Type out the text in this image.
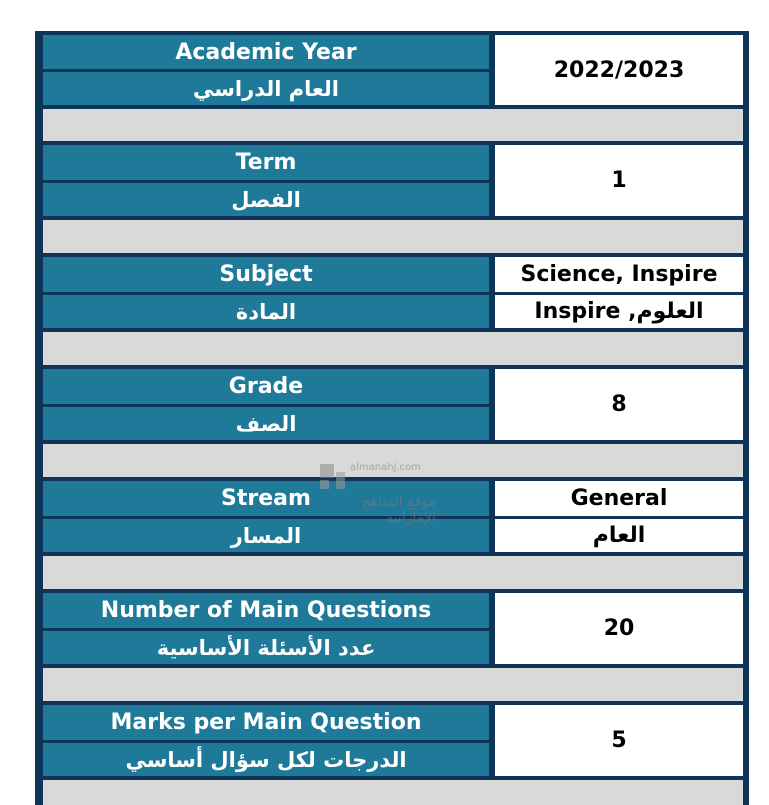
Academic Year
العام الدراسي
2022/2023
Term
الفصل
1
Subject
المادة
Science, Inspire
العلوم, Inspire
Grade
الصف
8
Stream
المسار
General
العام
Number of Main Questions
عدد الأسئلة الأساسية
20
Marks per Main Question
الدرجات لكل سؤال أساسي
5
almanahj.com
موقع المناهج الإماراتية
